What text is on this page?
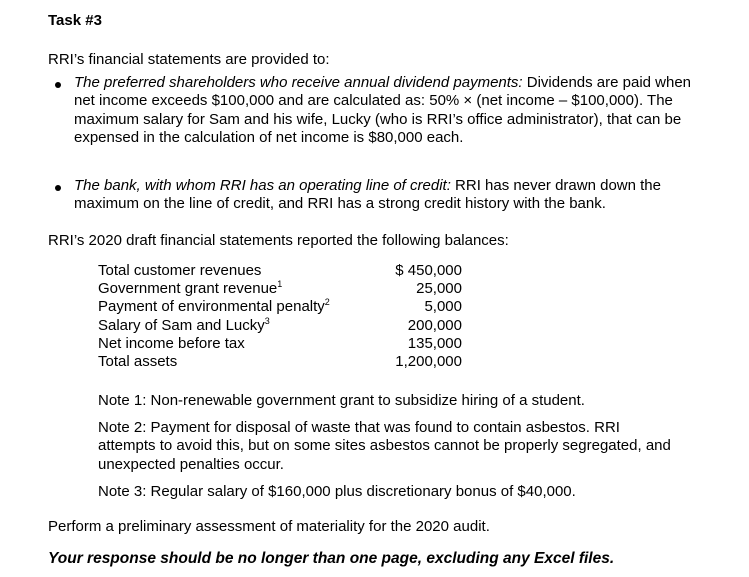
Task #3
RRI’s financial statements are provided to:
The preferred shareholders who receive annual dividend payments: Dividends are paid when net income exceeds $100,000 and are calculated as: 50% × (net income – $100,000). The maximum salary for Sam and his wife, Lucky (who is RRI’s office administrator), that can be expensed in the calculation of net income is $80,000 each.
The bank, with whom RRI has an operating line of credit: RRI has never drawn down the maximum on the line of credit, and RRI has a strong credit history with the bank.
RRI’s 2020 draft financial statements reported the following balances:
Total customer revenues	$ 450,000
Government grant revenue$^1$	25,000
Payment of environmental penalty$^2$	5,000
Salary of Sam and Lucky$^3$	200,000
Net income before tax	135,000
Total assets	1,200,000
Note 1: Non-renewable government grant to subsidize hiring of a student.
Note 2: Payment for disposal of waste that was found to contain asbestos. RRI attempts to avoid this, but on some sites asbestos cannot be properly segregated, and unexpected penalties occur.
Note 3: Regular salary of $160,000 plus discretionary bonus of $40,000.
Perform a preliminary assessment of materiality for the 2020 audit.
Your response should be no longer than one page, excluding any Excel files.
